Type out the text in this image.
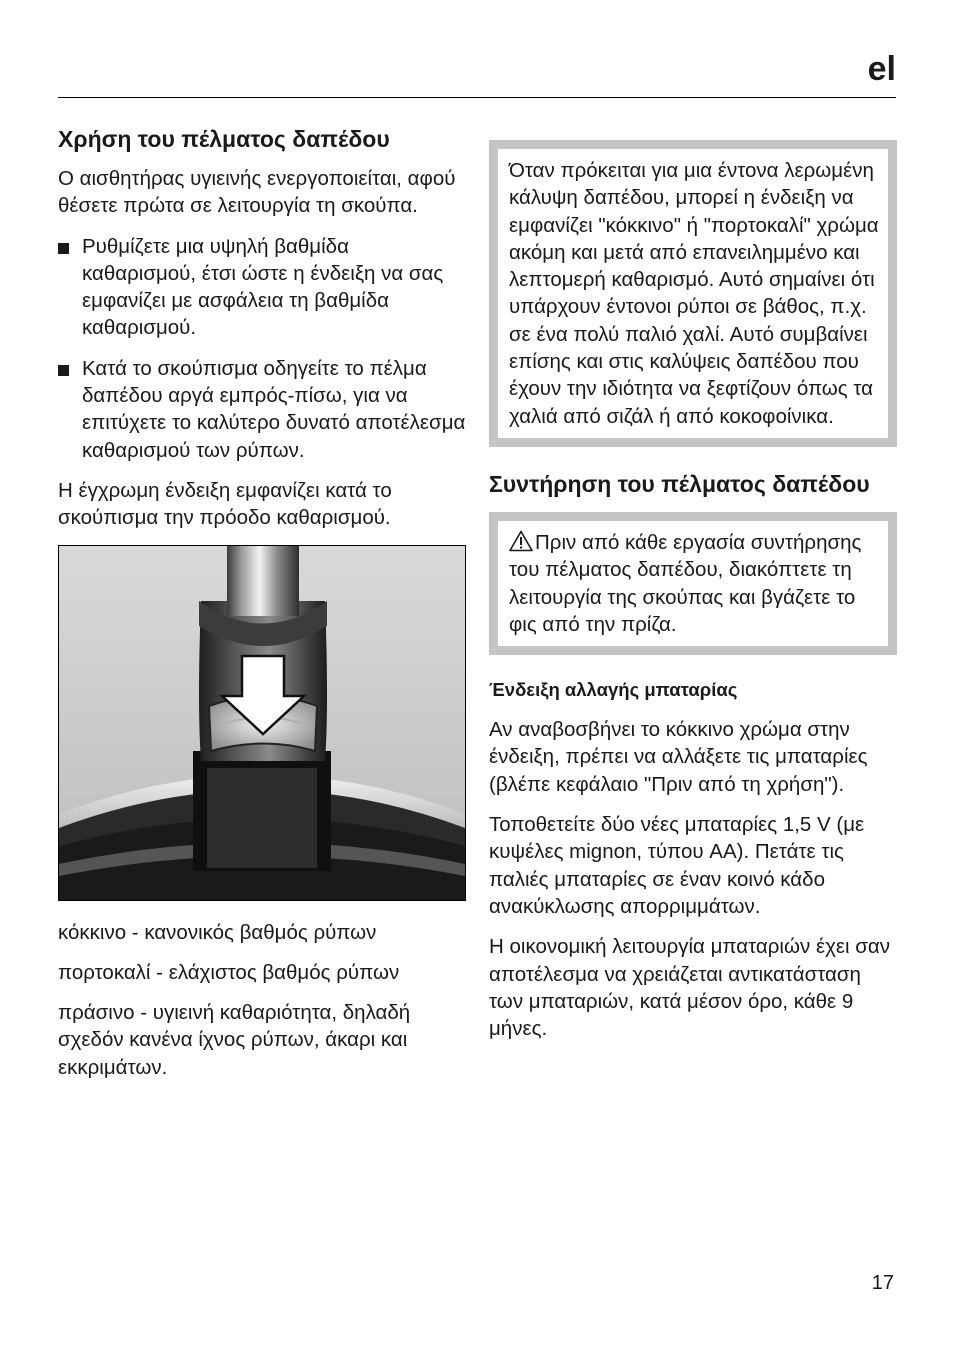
el
Χρήση του πέλματος δαπέδου

Ο αισθητήρας υγιεινής ενεργοποιείται, αφού θέσετε πρώτα σε λειτουργία τη σκούπα.

Ρυθμίζετε μια υψηλή βαθμίδα καθαρισμού, έτσι ώστε η ένδειξη να σας εμφανίζει με ασφάλεια τη βαθμίδα καθαρισμού.
Κατά το σκούπισμα οδηγείτε το πέλμα δαπέδου αργά εμπρός-πίσω, για να επιτύχετε το καλύτερο δυνατό αποτέλεσμα καθαρισμού των ρύπων.

Η έγχρωμη ένδειξη εμφανίζει κατά το σκούπισμα την πρόοδο καθαρισμού.

κόκκινο - κανονικός βαθμός ρύπων

πορτοκαλί - ελάχιστος βαθμός ρύπων

πράσινο - υγιεινή καθαριότητα, δηλαδή σχεδόν κανένα ίχνος ρύπων, άκαρι και εκκριμάτων.

Όταν πρόκειται για μια έντονα λερωμένη κάλυψη δαπέδου, μπορεί η ένδειξη να εμφανίζει "κόκκινο" ή "πορτοκαλί" χρώμα ακόμη και μετά από επανειλημμένο και λεπτομερή καθαρισμό. Αυτό σημαίνει ότι υπάρχουν έντονοι ρύποι σε βάθος, π.χ. σε ένα πολύ παλιό χαλί. Αυτό συμβαίνει επίσης και στις καλύψεις δαπέδου που έχουν την ιδιότητα να ξεφτίζουν όπως τα χαλιά από σιζάλ ή από κοκοφοίνικα.

Συντήρηση του πέλματος δαπέδου

Πριν από κάθε εργασία συντήρησης του πέλματος δαπέδου, διακόπτετε τη λειτουργία της σκούπας και βγάζετε το φις από την πρίζα.

Ένδειξη αλλαγής μπαταρίας

Αν αναβοσβήνει το κόκκινο χρώμα στην ένδειξη, πρέπει να αλλάξετε τις μπαταρίες (βλέπε κεφάλαιο "Πριν από τη χρήση").

Τοποθετείτε δύο νέες μπαταρίες 1,5 V (με κυψέλες mignon, τύπου AA). Πετάτε τις παλιές μπαταρίες σε έναν κοινό κάδο ανακύκλωσης απορριμμάτων.

Η οικονομική λειτουργία μπαταριών έχει σαν αποτέλεσμα να χρειάζεται αντικατάσταση των μπαταριών, κατά μέσον όρο, κάθε 9 μήνες.

17
